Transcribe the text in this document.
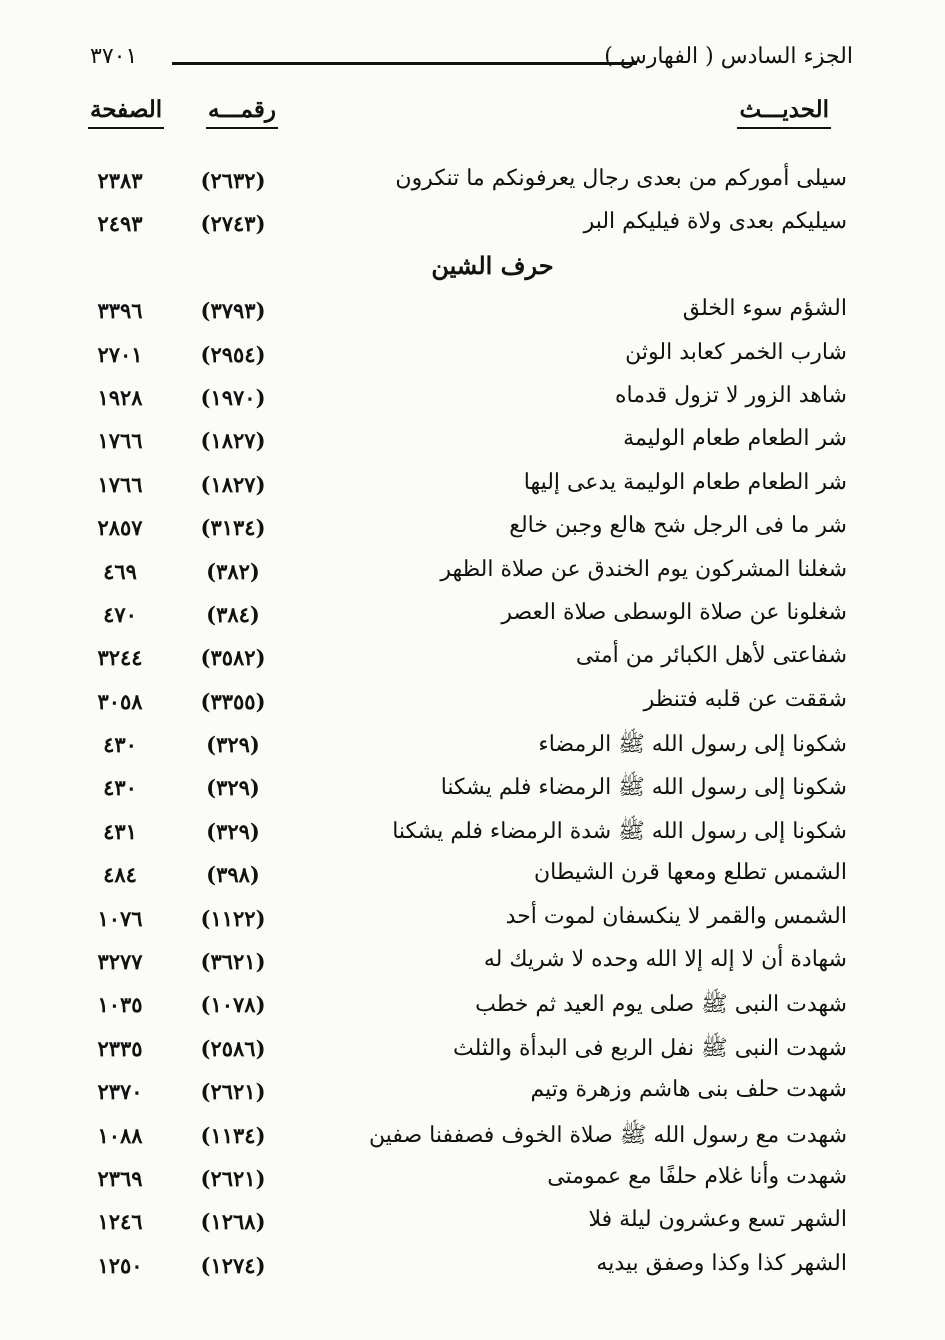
الجزء السادس ( الفهارس )
٣٧٠١
الحديـــث
رقمـــه
الصفحة
سيلى أموركم من بعدى رجال يعرفونكم ما تنكرون
(٢٦٣٢)
٢٣٨٣
سيليكم بعدى ولاة فيليكم البر
(٢٧٤٣)
٢٤٩٣
حرف الشين
الشؤم سوء الخلق
(٣٧٩٣)
٣٣٩٦
شارب الخمر كعابد الوثن
(٢٩٥٤)
٢٧٠١
شاهد الزور لا تزول قدماه
(١٩٧٠)
١٩٢٨
شر الطعام طعام الوليمة
(١٨٢٧)
١٧٦٦
شر الطعام طعام الوليمة يدعى إليها
(١٨٢٧)
١٧٦٦
شر ما فى الرجل شح هالع وجبن خالع
(٣١٣٤)
٢٨٥٧
شغلنا المشركون يوم الخندق عن صلاة الظهر
(٣٨٢)
٤٦٩
شغلونا عن صلاة الوسطى صلاة العصر
(٣٨٤)
٤٧٠
شفاعتى لأهل الكبائر من أمتى
(٣٥٨٢)
٣٢٤٤
شققت عن قلبه فتنظر
(٣٣٥٥)
٣٠٥٨
شكونا إلى رسول الله ﷺ الرمضاء
(٣٢٩)
٤٣٠
شكونا إلى رسول الله ﷺ الرمضاء فلم يشكنا
(٣٢٩)
٤٣٠
شكونا إلى رسول الله ﷺ شدة الرمضاء فلم يشكنا
(٣٢٩)
٤٣١
الشمس تطلع ومعها قرن الشيطان
(٣٩٨)
٤٨٤
الشمس والقمر لا ينكسفان لموت أحد
(١١٢٢)
١٠٧٦
شهادة أن لا إله إلا الله وحده لا شريك له
(٣٦٢١)
٣٢٧٧
شهدت النبى ﷺ صلى يوم العيد ثم خطب
(١٠٧٨)
١٠٣٥
شهدت النبى ﷺ نفل الربع فى البدأة والثلث
(٢٥٨٦)
٢٣٣٥
شهدت حلف بنى هاشم وزهرة وتيم
(٢٦٢١)
٢٣٧٠
شهدت مع رسول الله ﷺ صلاة الخوف فصففنا صفين
(١١٣٤)
١٠٨٨
شهدت وأنا غلام حلفًا مع عمومتى
(٢٦٢١)
٢٣٦٩
الشهر تسع وعشرون ليلة فلا
(١٢٦٨)
١٢٤٦
الشهر كذا وكذا وصفق بيديه
(١٢٧٤)
١٢٥٠
